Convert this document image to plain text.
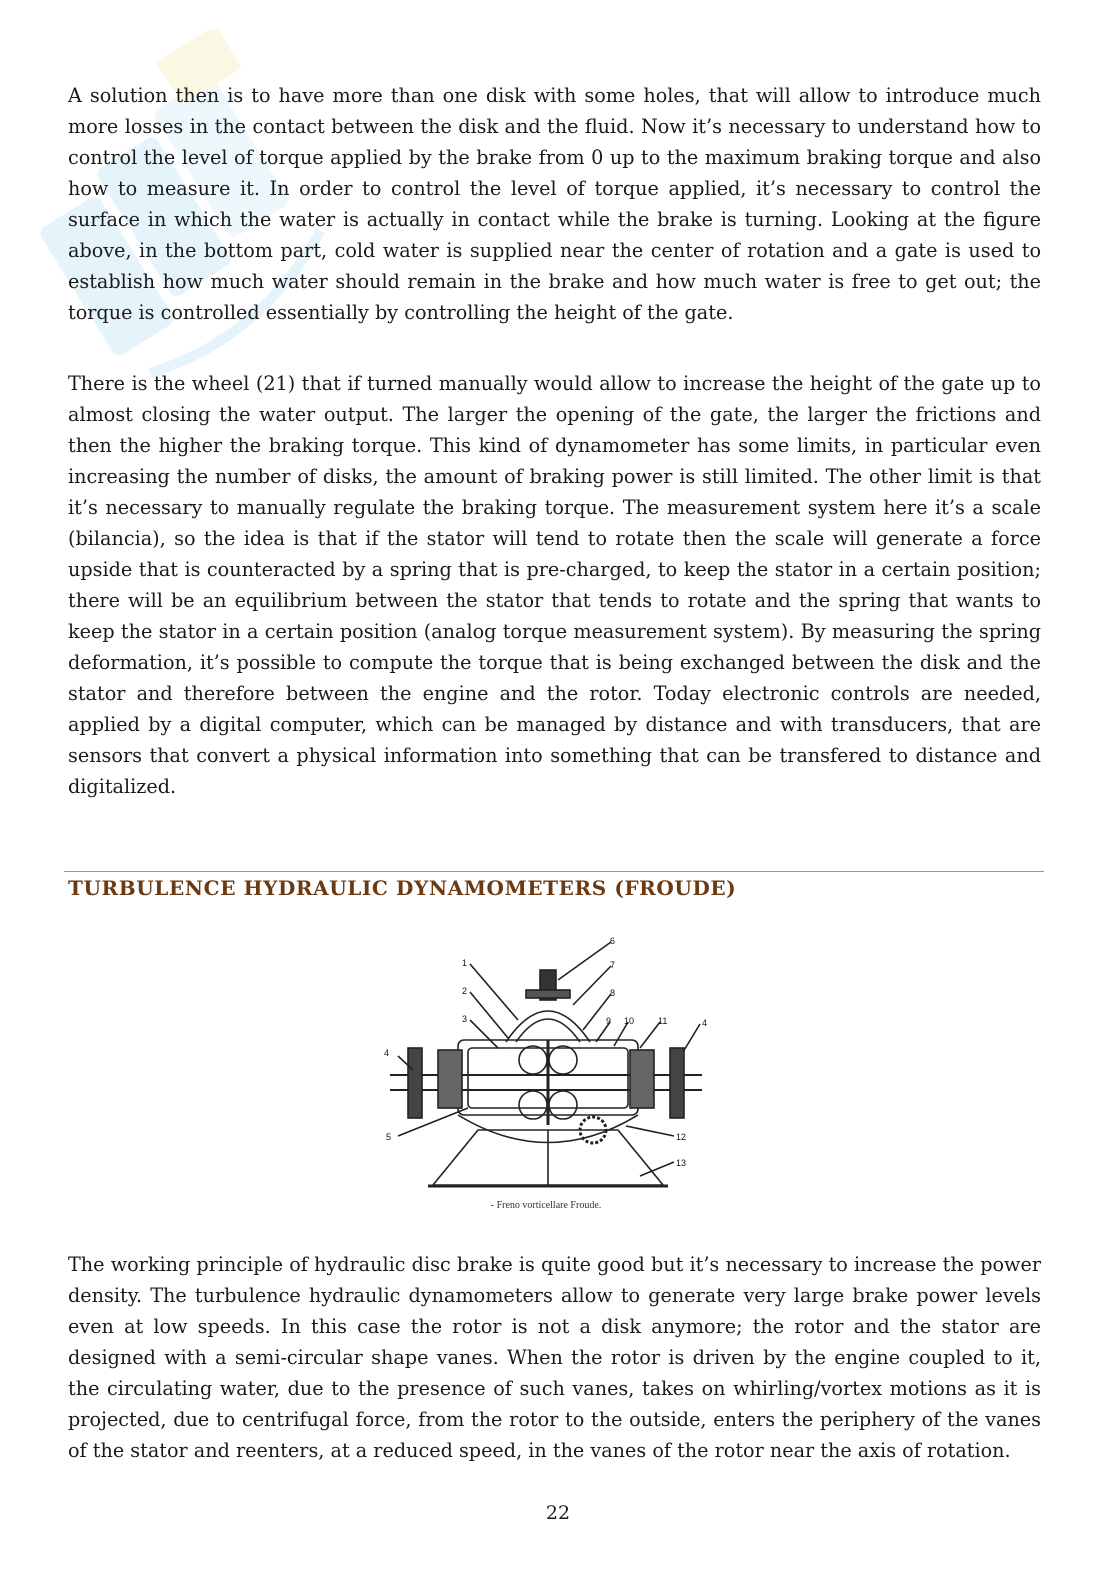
A solution then is to have more than one disk with some holes, that will allow to introduce much more losses in the contact between the disk and the fluid. Now it’s necessary to understand how to control the level of torque applied by the brake from 0 up to the maximum braking torque and also how to measure it. In order to control the level of torque applied, it’s necessary to control the surface in which the water is actually in contact while the brake is turning. Looking at the figure above, in the bottom part, cold water is supplied near the center of rotation and a gate is used to establish how much water should remain in the brake and how much water is free to get out; the torque is controlled essentially by controlling the height of the gate.

There is the wheel (21) that if turned manually would allow to increase the height of the gate up to almost closing the water output. The larger the opening of the gate, the larger the frictions and then the higher the braking torque. This kind of dynamometer has some limits, in particular even increasing the number of disks, the amount of braking power is still limited. The other limit is that it’s necessary to manually regulate the braking torque. The measurement system here it’s a scale (bilancia), so the idea is that if the stator will tend to rotate then the scale will generate a force upside that is counteracted by a spring that is pre-charged, to keep the stator in a certain position; there will be an equilibrium between the stator that tends to rotate and the spring that wants to keep the stator in a certain position (analog torque measurement system). By measuring the spring deformation, it’s possible to compute the torque that is being exchanged between the disk and the stator and therefore between the engine and the rotor. Today electronic controls are needed, applied by a digital computer, which can be managed by distance and with transducers, that are sensors that convert a physical information into something that can be transfered to distance and digitalized.

TURBULENCE HYDRAULIC DYNAMOMETERS (FROUDE)
1
2
3
4
5
6
7
8
9 10	11	4
12
13
- Freno vorticellare Froude.

The working principle of hydraulic disc brake is quite good but it’s necessary to increase the power density. The turbulence hydraulic dynamometers allow to generate very large brake power levels even at low speeds. In this case the rotor is not a disk anymore; the rotor and the stator are designed with a semi-circular shape vanes. When the rotor is driven by the engine coupled to it, the circulating water, due to the presence of such vanes, takes on whirling/vortex motions as it is projected, due to centrifugal force, from the rotor to the outside, enters the periphery of the vanes of the stator and reenters, at a reduced speed, in the vanes of the rotor near the axis of rotation.

22
